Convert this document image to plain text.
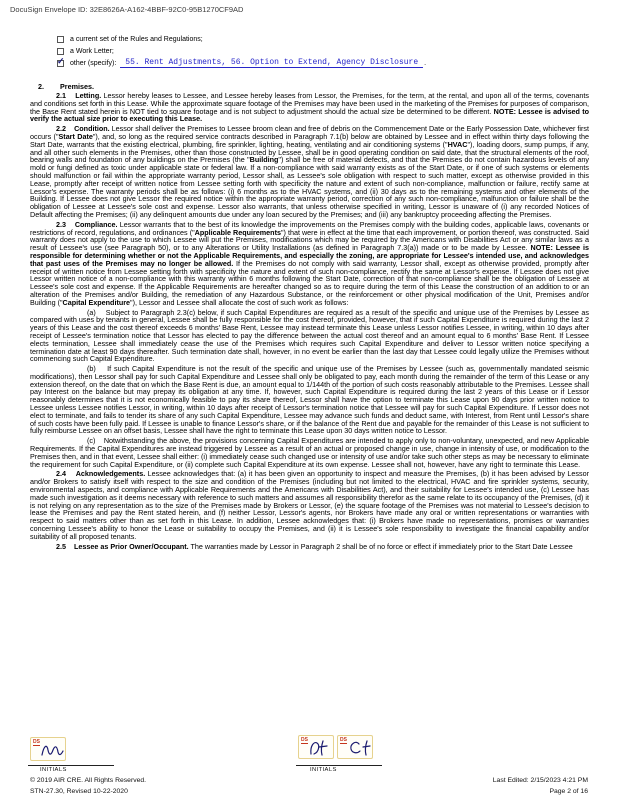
DocuSign Envelope ID: 32E8626A-A162-4BBF-92C0-95B1270CF9AD
a current set of the Rules and Regulations;
a Work Letter;
✓ other (specify):	55. Rent Adjustments, 56. Option to Extend, Agency Disclosure .
2. Premises.

2.1    Letting. Lessor hereby leases to Lessee, and Lessee hereby leases from Lessor, the Premises, for the term, at the rental, and upon all of the terms, covenants and conditions set forth in this Lease. While the approximate square footage of the Premises may have been used in the marketing of the Premises for purposes of comparison, the Base Rent stated herein is NOT tied to square footage and is not subject to adjustment should the actual size be determined to be different. NOTE: Lessee is advised to verify the actual size prior to executing this Lease.

2.2    Condition. Lessor shall deliver the Premises to Lessee broom clean and free of debris on the Commencement Date or the Early Possession Date, whichever first occurs ("Start Date"), and, so long as the required service contracts described in Paragraph 7.1(b) below are obtained by Lessee and in effect within thirty days following the Start Date, warrants that the existing electrical, plumbing, fire sprinkler, lighting, heating, ventilating and air conditioning systems ("HVAC"), loading doors, sump pumps, if any, and all other such elements in the Premises, other than those constructed by Lessee, shall be in good operating condition on said date, that the structural elements of the roof, bearing walls and foundation of any buildings on the Premises (the "Building") shall be free of material defects, and that the Premises do not contain hazardous levels of any mold or fungi defined as toxic under applicable state or federal law. If a non-compliance with said warranty exists as of the Start Date, or if one of such systems or elements should malfunction or fail within the appropriate warranty period, Lessor shall, as Lessee's sole obligation with respect to such matter, except as otherwise provided in this Lease, promptly after receipt of written notice from Lessee setting forth with specificity the nature and extent of such non-compliance, malfunction or failure, rectify same at Lessor's expense. The warranty periods shall be as follows: (i) 6 months as to the HVAC systems, and (ii) 30 days as to the remaining systems and other elements of the Building. If Lessee does not give Lessor the required notice within the appropriate warranty period, correction of any such non-compliance, malfunction or failure shall be the obligation of Lessee at Lessee's sole cost and expense. Lessor also warrants, that unless otherwise specified in writing, Lessor is unaware of (i) any recorded Notices of Default affecting the Premises; (ii) any delinquent amounts due under any loan secured by the Premises; and (iii) any bankruptcy proceeding affecting the Premises.

2.3    Compliance. Lessor warrants that to the best of its knowledge the improvements on the Premises comply with the building codes, applicable laws, covenants or restrictions of record, regulations, and ordinances ("Applicable Requirements") that were in effect at the time that each improvement, or portion thereof, was constructed. Said warranty does not apply to the use to which Lessee will put the Premises, modifications which may be required by the Americans with Disabilities Act or any similar laws as a result of Lessee's use (see Paragraph 50), or to any Alterations or Utility Installations (as defined in Paragraph 7.3(a)) made or to be made by Lessee. NOTE: Lessee is responsible for determining whether or not the Applicable Requirements, and especially the zoning, are appropriate for Lessee's intended use, and acknowledges that past uses of the Premises may no longer be allowed. If the Premises do not comply with said warranty, Lessor shall, except as otherwise provided, promptly after receipt of written notice from Lessee setting forth with specificity the nature and extent of such non-compliance, rectify the same at Lessor's expense. If Lessee does not give Lessor written notice of a non-compliance with this warranty within 6 months following the Start Date, correction of that non-compliance shall be the obligation of Lessee at Lessee's sole cost and expense. If the Applicable Requirements are hereafter changed so as to require during the term of this Lease the construction of an addition to or an alteration of the Premises and/or Building, the remediation of any Hazardous Substance, or the reinforcement or other physical modification of the Unit, Premises and/or Building ("Capital Expenditure"), Lessor and Lessee shall allocate the cost of such work as follows:

(a)    Subject to Paragraph 2.3(c) below, if such Capital Expenditures are required as a result of the specific and unique use of the Premises by Lessee as compared with uses by tenants in general, Lessee shall be fully responsible for the cost thereof, provided, however, that if such Capital Expenditure is required during the last 2 years of this Lease and the cost thereof exceeds 6 months' Base Rent, Lessee may instead terminate this Lease unless Lessor notifies Lessee, in writing, within 10 days after receipt of Lessee's termination notice that Lessor has elected to pay the difference between the actual cost thereof and an amount equal to 6 months' Base Rent. If Lessee elects termination, Lessee shall immediately cease the use of the Premises which requires such Capital Expenditure and deliver to Lessor written notice specifying a termination date at least 90 days thereafter. Such termination date shall, however, in no event be earlier than the last day that Lessee could legally utilize the Premises without commencing such Capital Expenditure.

(b)    If such Capital Expenditure is not the result of the specific and unique use of the Premises by Lessee (such as, governmentally mandated seismic modifications), then Lessor shall pay for such Capital Expenditure and Lessee shall only be obligated to pay, each month during the remainder of the term of this Lease or any extension thereof, on the date that on which the Base Rent is due, an amount equal to 1/144th of the portion of such costs reasonably attributable to the Premises. Lessee shall pay Interest on the balance but may prepay its obligation at any time. If, however, such Capital Expenditure is required during the last 2 years of this Lease or if Lessor reasonably determines that it is not economically feasible to pay its share thereof, Lessor shall have the option to terminate this Lease upon 90 days prior written notice to Lessee unless Lessee notifies Lessor, in writing, within 10 days after receipt of Lessor's termination notice that Lessee will pay for such Capital Expenditure. If Lessor does not elect to terminate, and fails to tender its share of any such Capital Expenditure, Lessee may advance such funds and deduct same, with Interest, from Rent until Lessor's share of such costs have been fully paid. If Lessee is unable to finance Lessor's share, or if the balance of the Rent due and payable for the remainder of this Lease is not sufficient to fully reimburse Lessee on an offset basis, Lessee shall have the right to terminate this Lease upon 30 days written notice to Lessor.

(c)    Notwithstanding the above, the provisions concerning Capital Expenditures are intended to apply only to non-voluntary, unexpected, and new Applicable Requirements. If the Capital Expenditures are instead triggered by Lessee as a result of an actual or proposed change in use, change in intensity of use, or modification to the Premises then, and in that event, Lessee shall either: (i) immediately cease such changed use or intensity of use and/or take such other steps as may be necessary to eliminate the requirement for such Capital Expenditure, or (ii) complete such Capital Expenditure at its own expense. Lessee shall not, however, have any right to terminate this Lease.

2.4    Acknowledgements. Lessee acknowledges that: (a) it has been given an opportunity to inspect and measure the Premises, (b) it has been advised by Lessor and/or Brokers to satisfy itself with respect to the size and condition of the Premises (including but not limited to the electrical, HVAC and fire sprinkler systems, security, environmental aspects, and compliance with Applicable Requirements and the Americans with Disabilities Act), and their suitability for Lessee's intended use, (c) Lessee has made such investigation as it deems necessary with reference to such matters and assumes all responsibility therefor as the same relate to its occupancy of the Premises, (d) it is not relying on any representation as to the size of the Premises made by Brokers or Lessor, (e) the square footage of the Premises was not material to Lessee's decision to lease the Premises and pay the Rent stated herein, and (f) neither Lessor, Lessor's agents, nor Brokers have made any oral or written representations or warranties with respect to said matters other than as set forth in this Lease. In addition, Lessee acknowledges that: (i) Brokers have made no representations, promises or warranties concerning Lessee's ability to honor the Lease or suitability to occupy the Premises, and (ii) it is Lessee's sole responsibility to investigate the financial capability and/or suitability of all proposed tenants.

2.5    Lessee as Prior Owner/Occupant. The warranties made by Lessor in Paragraph 2 shall be of no force or effect if immediately prior to the Start Date Lessee

DS
INITIALS
DS	DS
INITIALS
© 2019 AIR CRE. All Rights Reserved.	Last Edited: 2/15/2023 4:21 PM
STN-27.30, Revised 10-22-2020	Page 2 of 16
